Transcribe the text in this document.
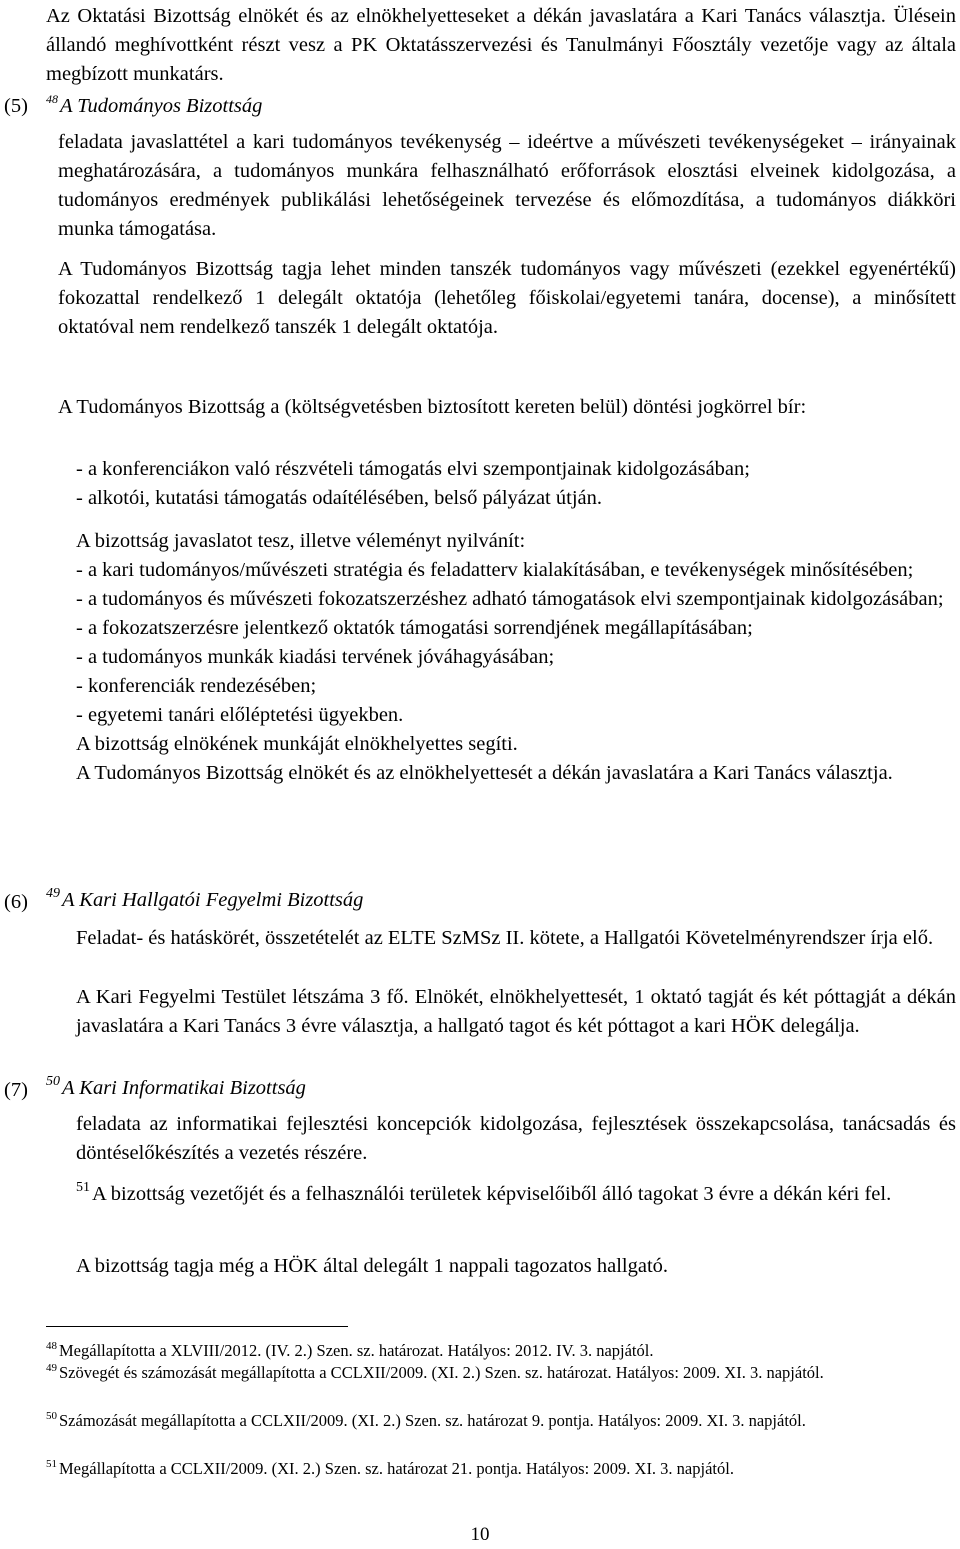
Az Oktatási Bizottság elnökét és az elnökhelyetteseket a dékán javaslatára a Kari Tanács választja. Ülésein állandó meghívottként részt vesz a PK Oktatásszervezési és Tanulmányi Főosztály vezetője vagy az általa megbízott munkatárs.
(5) $^{48}$A Tudományos Bizottság
feladata javaslattétel a kari tudományos tevékenység – ideértve a művészeti tevékenységeket – irányainak meghatározására, a tudományos munkára felhasználható erőforrások elosztási elveinek kidolgozása, a tudományos eredmények publikálási lehetőségeinek tervezése és előmozdítása, a tudományos diákköri munka támogatása.
A Tudományos Bizottság tagja lehet minden tanszék tudományos vagy művészeti (ezekkel egyenértékű) fokozattal rendelkező 1 delegált oktatója (lehetőleg főiskolai/egyetemi tanára, docense), a minősített oktatóval nem rendelkező tanszék 1 delegált oktatója.
A Tudományos Bizottság a (költségvetésben biztosított kereten belül) döntési jogkörrel bír:
- a konferenciákon való részvételi támogatás elvi szempontjainak kidolgozásában;
- alkotói, kutatási támogatás odaítélésében, belső pályázat útján.
A bizottság javaslatot tesz, illetve véleményt nyilvánít:
- a kari tudományos/művészeti stratégia és feladatterv kialakításában, e tevékenységek minősítésében;
- a tudományos és művészeti fokozatszerzéshez adható támogatások elvi szempontjainak kidolgozásában;
- a fokozatszerzésre jelentkező oktatók támogatási sorrendjének megállapításában;
- a tudományos munkák kiadási tervének jóváhagyásában;
- konferenciák rendezésében;
- egyetemi tanári előléptetési ügyekben.
A bizottság elnökének munkáját elnökhelyettes segíti.
A Tudományos Bizottság elnökét és az elnökhelyettesét a dékán javaslatára a Kari Tanács választja.
(6) $^{49}$A Kari Hallgatói Fegyelmi Bizottság
Feladat- és hatáskörét, összetételét az ELTE SzMSz II. kötete, a Hallgatói Követelményrendszer írja elő.
A Kari Fegyelmi Testület létszáma 3 fő. Elnökét, elnökhelyettesét, 1 oktató tagját és két póttagját a dékán javaslatára a Kari Tanács 3 évre választja, a hallgató tagot és két póttagot a kari HÖK delegálja.
(7) $^{50}$A Kari Informatikai Bizottság
feladata az informatikai fejlesztési koncepciók kidolgozása, fejlesztések összekapcsolása, tanácsadás és döntéselőkészítés a vezetés részére.
$^{51}$A bizottság vezetőjét és a felhasználói területek képviselőiből álló tagokat 3 évre a dékán kéri fel.
A bizottság tagja még a HÖK által delegált 1 nappali tagozatos hallgató.
$^{48}$ Megállapította a XLVIII/2012. (IV. 2.) Szen. sz. határozat. Hatályos: 2012. IV. 3. napjától.
$^{49}$ Szövegét és számozását megállapította a CCLXII/2009. (XI. 2.) Szen. sz. határozat. Hatályos: 2009. XI. 3. napjától.
$^{50}$ Számozását megállapította a CCLXII/2009. (XI. 2.) Szen. sz. határozat 9. pontja. Hatályos: 2009. XI. 3. napjától.
$^{51}$ Megállapította a CCLXII/2009. (XI. 2.) Szen. sz. határozat 21. pontja. Hatályos: 2009. XI. 3. napjától.
10
